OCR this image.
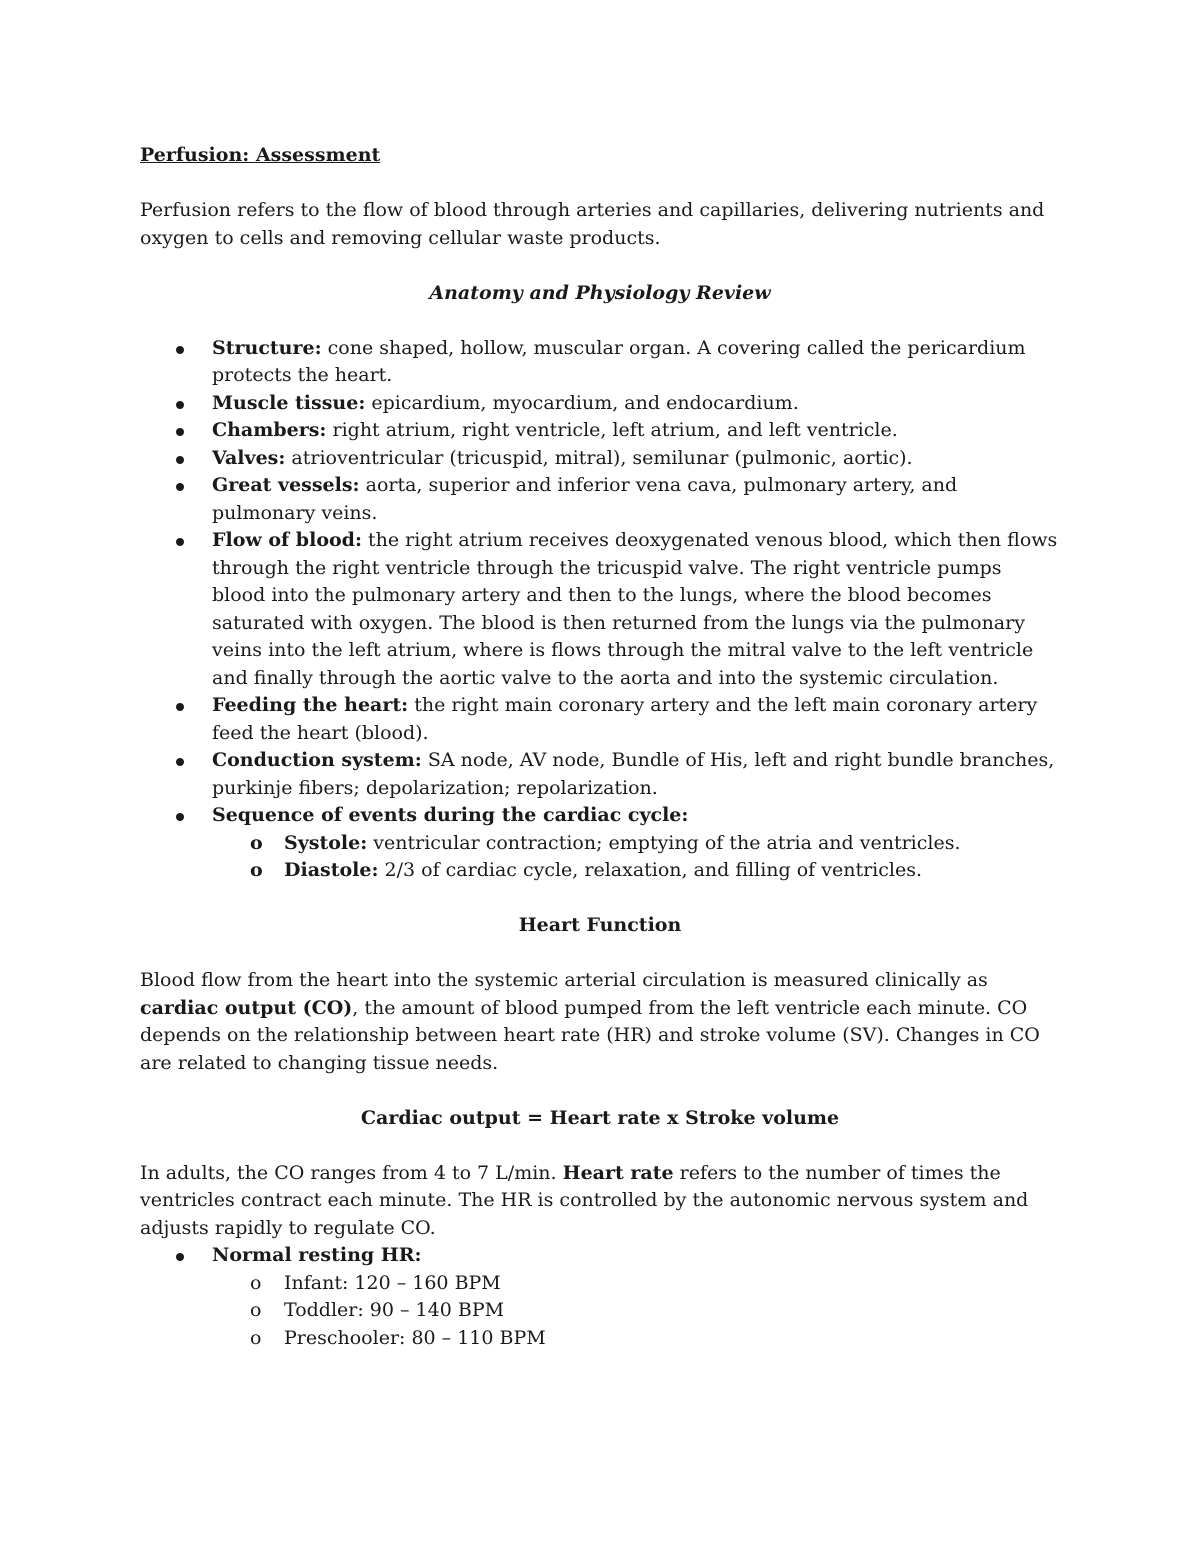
Perfusion: Assessment

Perfusion refers to the flow of blood through arteries and capillaries, delivering nutrients and oxygen to cells and removing cellular waste products.

Anatomy and Physiology Review

Structure: cone shaped, hollow, muscular organ. A covering called the pericardium protects the heart.
Muscle tissue: epicardium, myocardium, and endocardium.
Chambers: right atrium, right ventricle, left atrium, and left ventricle.
Valves: atrioventricular (tricuspid, mitral), semilunar (pulmonic, aortic).
Great vessels: aorta, superior and inferior vena cava, pulmonary artery, and pulmonary veins.
Flow of blood: the right atrium receives deoxygenated venous blood, which then flows through the right ventricle through the tricuspid valve. The right ventricle pumps blood into the pulmonary artery and then to the lungs, where the blood becomes saturated with oxygen. The blood is then returned from the lungs via the pulmonary veins into the left atrium, where is flows through the mitral valve to the left ventricle and finally through the aortic valve to the aorta and into the systemic circulation.
Feeding the heart: the right main coronary artery and the left main coronary artery feed the heart (blood).
Conduction system: SA node, AV node, Bundle of His, left and right bundle branches, purkinje fibers; depolarization; repolarization.
Sequence of events during the cardiac cycle:
o Systole: ventricular contraction; emptying of the atria and ventricles.
o Diastole: 2/3 of cardiac cycle, relaxation, and filling of ventricles.

Heart Function

Blood flow from the heart into the systemic arterial circulation is measured clinically as cardiac output (CO), the amount of blood pumped from the left ventricle each minute. CO depends on the relationship between heart rate (HR) and stroke volume (SV). Changes in CO are related to changing tissue needs.

Cardiac output = Heart rate x Stroke volume

In adults, the CO ranges from 4 to 7 L/min. Heart rate refers to the number of times the ventricles contract each minute. The HR is controlled by the autonomic nervous system and adjusts rapidly to regulate CO.

Normal resting HR:
o Infant: 120 – 160 BPM
o Toddler: 90 – 140 BPM
o Preschooler: 80 – 110 BPM
